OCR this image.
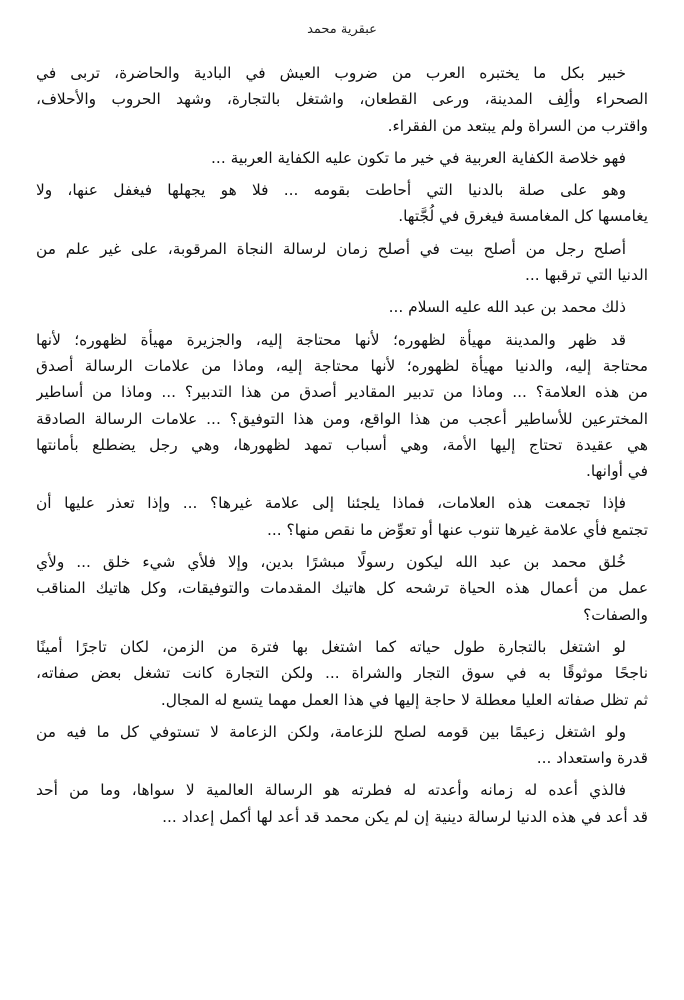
عبقرية محمد
خبير بكل ما يختبره العرب من ضروب العيش في البادية والحاضرة، تربى في
الصحراء وألِف المدينة، ورعى القطعان، واشتغل بالتجارة، وشهد الحروب والأحلاف،
واقترب من السراة ولم يبتعد من الفقراء.
فهو خلاصة الكفاية العربية في خير ما تكون عليه الكفاية العربية ...
وهو على صلة بالدنيا التي أحاطت بقومه ... فلا هو يجهلها فيغفل عنها، ولا
يغامسها كل المغامسة فيغرق في لُجَّتها.
أصلح رجل من أصلح بيت في أصلح زمان لرسالة النجاة المرقوبة، على غير علم من
الدنيا التي ترقبها ...
ذلك محمد بن عبد الله عليه السلام ...
قد ظهر والمدينة مهيأة لظهوره؛ لأنها محتاجة إليه، والجزيرة مهيأة لظهوره؛ لأنها
محتاجة إليه، والدنيا مهيأة لظهوره؛ لأنها محتاجة إليه، وماذا من علامات الرسالة أصدق
من هذه العلامة؟ ... وماذا من تدبير المقادير أصدق من هذا التدبير؟ ... وماذا من أساطير
المخترعين للأساطير أعجب من هذا الواقع، ومن هذا التوفيق؟ ... علامات الرسالة الصادقة
هي عقيدة تحتاج إليها الأمة، وهي أسباب تمهد لظهورها، وهي رجل يضطلع بأمانتها
في أوانها.
فإذا تجمعت هذه العلامات، فماذا يلجئنا إلى علامة غيرها؟ ... وإذا تعذر عليها أن
تجتمع فأي علامة غيرها تنوب عنها أو تعوِّض ما نقص منها؟ ...
خُلق محمد بن عبد الله ليكون رسولًا مبشرًا بدين، وإلا فلأي شيء خلق ... ولأي
عمل من أعمال هذه الحياة ترشحه كل هاتيك المقدمات والتوفيقات، وكل هاتيك المناقب
والصفات؟
لو اشتغل بالتجارة طول حياته كما اشتغل بها فترة من الزمن، لكان تاجرًا أمينًا
ناجحًا موثوقًا به في سوق التجار والشراة ... ولكن التجارة كانت تشغل بعض صفاته،
ثم تظل صفاته العليا معطلة لا حاجة إليها في هذا العمل مهما يتسع له المجال.
ولو اشتغل زعيمًا بين قومه لصلح للزعامة، ولكن الزعامة لا تستوفي كل ما فيه من
قدرة واستعداد ...
فالذي أعده له زمانه وأعدته له فطرته هو الرسالة العالمية لا سواها، وما من أحد
قد أعد في هذه الدنيا لرسالة دينية إن لم يكن محمد قد أعد لها أكمل إعداد ...
